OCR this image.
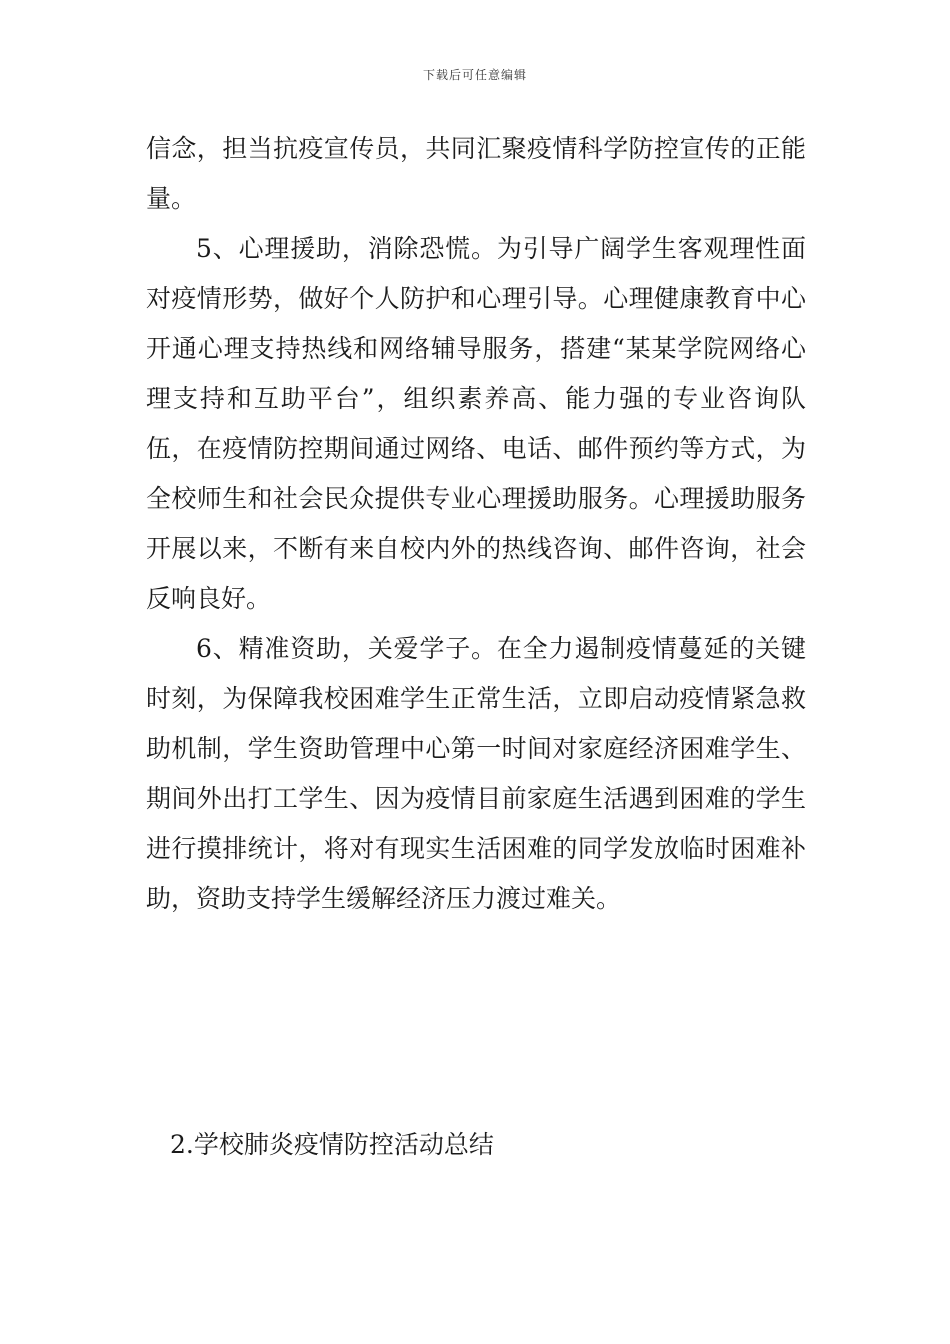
下载后可任意编辑

信念，担当抗疫宣传员，共同汇聚疫情科学防控宣传的正能量。

5、心理援助，消除恐慌。为引导广阔学生客观理性面对疫情形势，做好个人防护和心理引导。心理健康教育中心开通心理支持热线和网络辅导服务，搭建“某某学院网络心理支持和互助平台”，组织素养高、能力强的专业咨询队伍，在疫情防控期间通过网络、电话、邮件预约等方式，为全校师生和社会民众提供专业心理援助服务。心理援助服务开展以来，不断有来自校内外的热线咨询、邮件咨询，社会反响良好。

6、精准资助，关爱学子。在全力遏制疫情蔓延的关键时刻，为保障我校困难学生正常生活，立即启动疫情紧急救助机制，学生资助管理中心第一时间对家庭经济困难学生、期间外出打工学生、因为疫情目前家庭生活遇到困难的学生进行摸排统计，将对有现实生活困难的同学发放临时困难补助，资助支持学生缓解经济压力渡过难关。

2.学校肺炎疫情防控活动总结
